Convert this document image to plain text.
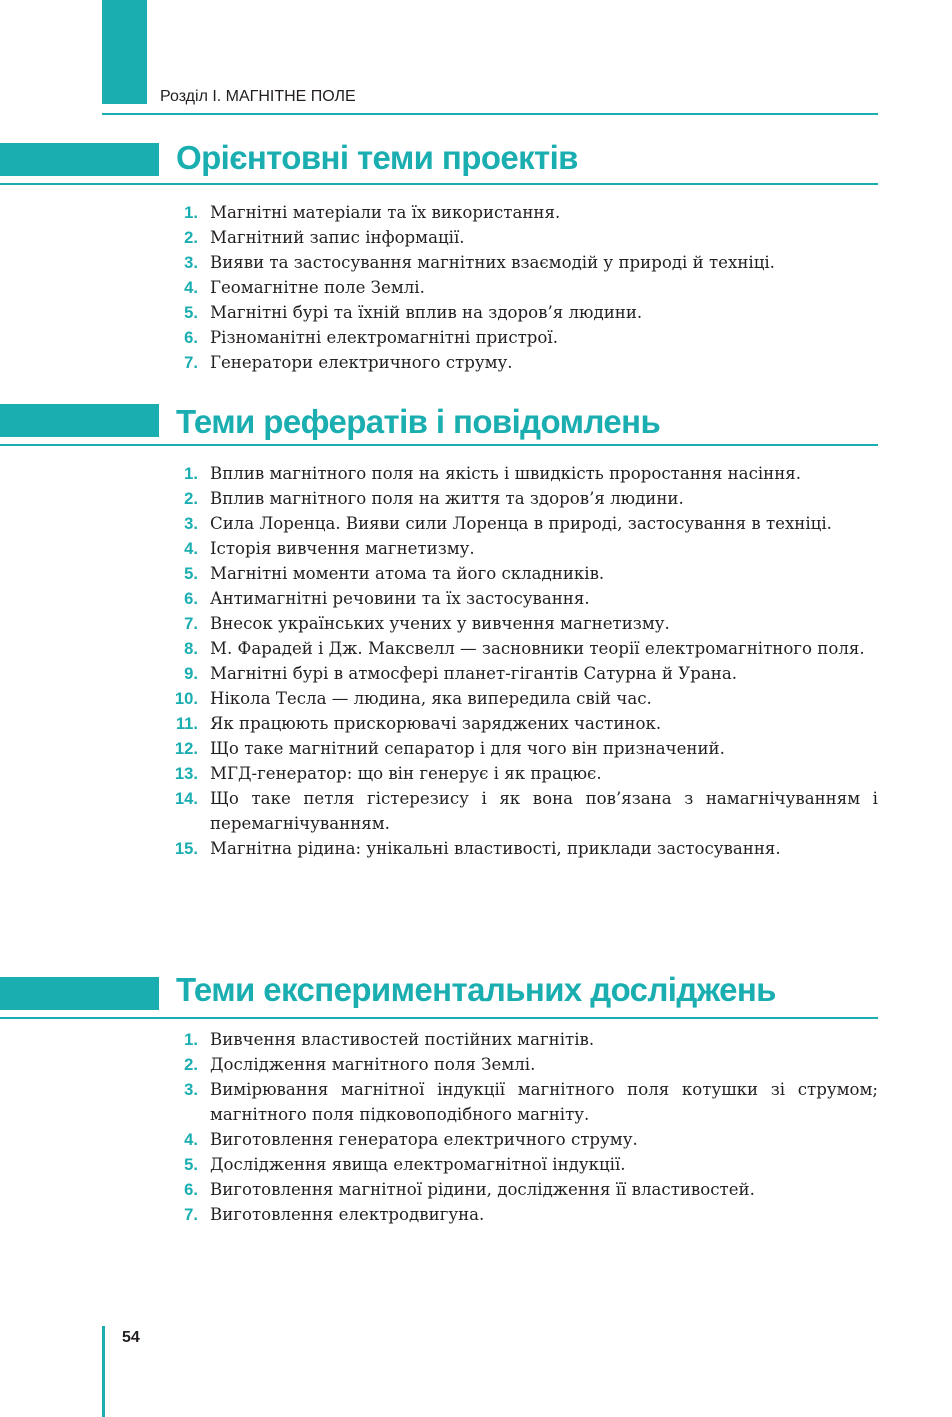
Розділ І. МАГНІТНЕ ПОЛЕ
Орієнтовні теми проектів
1. Магнітні матеріали та їх використання.
2. Магнітний запис інформації.
3. Вияви та застосування магнітних взаємодій у природі й техніці.
4. Геомагнітне поле Землі.
5. Магнітні бурі та їхній вплив на здоров’я людини.
6. Різноманітні електромагнітні пристрої.
7. Генератори електричного струму.
Теми рефератів і повідомлень
1. Вплив магнітного поля на якість і швидкість проростання насіння.
2. Вплив магнітного поля на життя та здоров’я людини.
3. Сила Лоренца. Вияви сили Лоренца в природі, застосування в техніці.
4. Історія вивчення магнетизму.
5. Магнітні моменти атома та його складників.
6. Антимагнітні речовини та їх застосування.
7. Внесок українських учених у вивчення магнетизму.
8. М. Фарадей і Дж. Максвелл — засновники теорії електромагнітного поля.
9. Магнітні бурі в атмосфері планет-гігантів Сатурна й Урана.
10. Нікола Тесла — людина, яка випередила свій час.
11. Як працюють прискорювачі заряджених частинок.
12. Що таке магнітний сепаратор і для чого він призначений.
13. МГД-генератор: що він генерує і як працює.
14. Що таке петля гістерезису і як вона пов’язана з намагнічуванням і перемагнічуванням.
15. Магнітна рідина: унікальні властивості, приклади застосування.
Теми експериментальних досліджень
1. Вивчення властивостей постійних магнітів.
2. Дослідження магнітного поля Землі.
3. Вимірювання магнітної індукції магнітного поля котушки зі струмом; магнітного поля підковоподібного магніту.
4. Виготовлення генератора електричного струму.
5. Дослідження явища електромагнітної індукції.
6. Виготовлення магнітної рідини, дослідження її властивостей.
7. Виготовлення електродвигуна.
54
